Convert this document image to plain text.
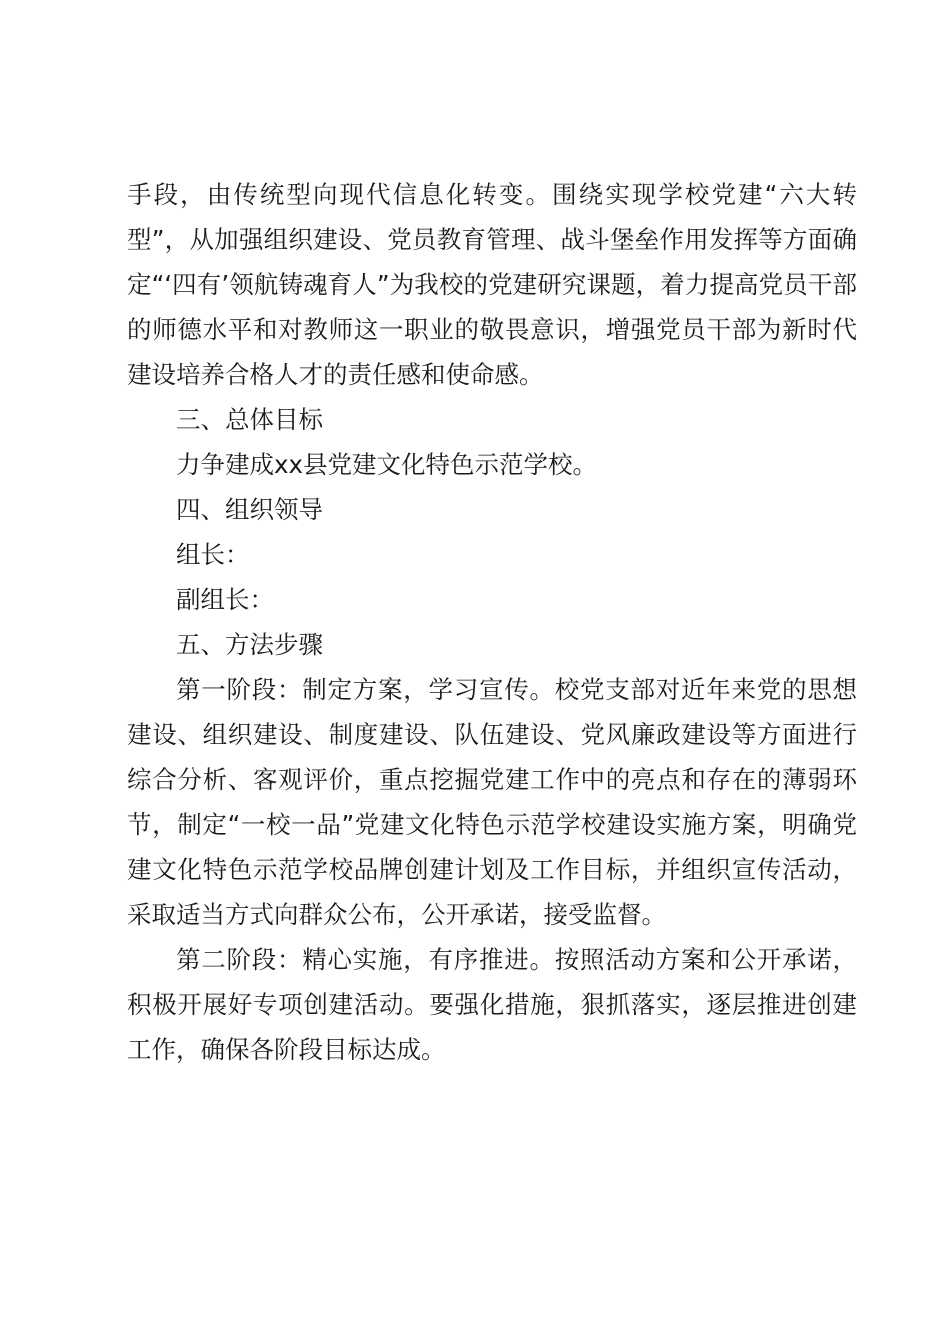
手段，由传统型向现代信息化转变。围绕实现学校党建“六大转型”，从加强组织建设、党员教育管理、战斗堡垒作用发挥等方面确定“‘四有’领航铸魂育人”为我校的党建研究课题，着力提高党员干部的师德水平和对教师这一职业的敬畏意识，增强党员干部为新时代建设培养合格人才的责任感和使命感。

三、总体目标

力争建成xx县党建文化特色示范学校。

四、组织领导

组长：

副组长：

五、方法步骤

第一阶段：制定方案，学习宣传。校党支部对近年来党的思想建设、组织建设、制度建设、队伍建设、党风廉政建设等方面进行综合分析、客观评价，重点挖掘党建工作中的亮点和存在的薄弱环节，制定“一校一品”党建文化特色示范学校建设实施方案，明确党建文化特色示范学校品牌创建计划及工作目标，并组织宣传活动，采取适当方式向群众公布，公开承诺，接受监督。

第二阶段：精心实施，有序推进。按照活动方案和公开承诺，积极开展好专项创建活动。要强化措施，狠抓落实，逐层推进创建工作，确保各阶段目标达成。
